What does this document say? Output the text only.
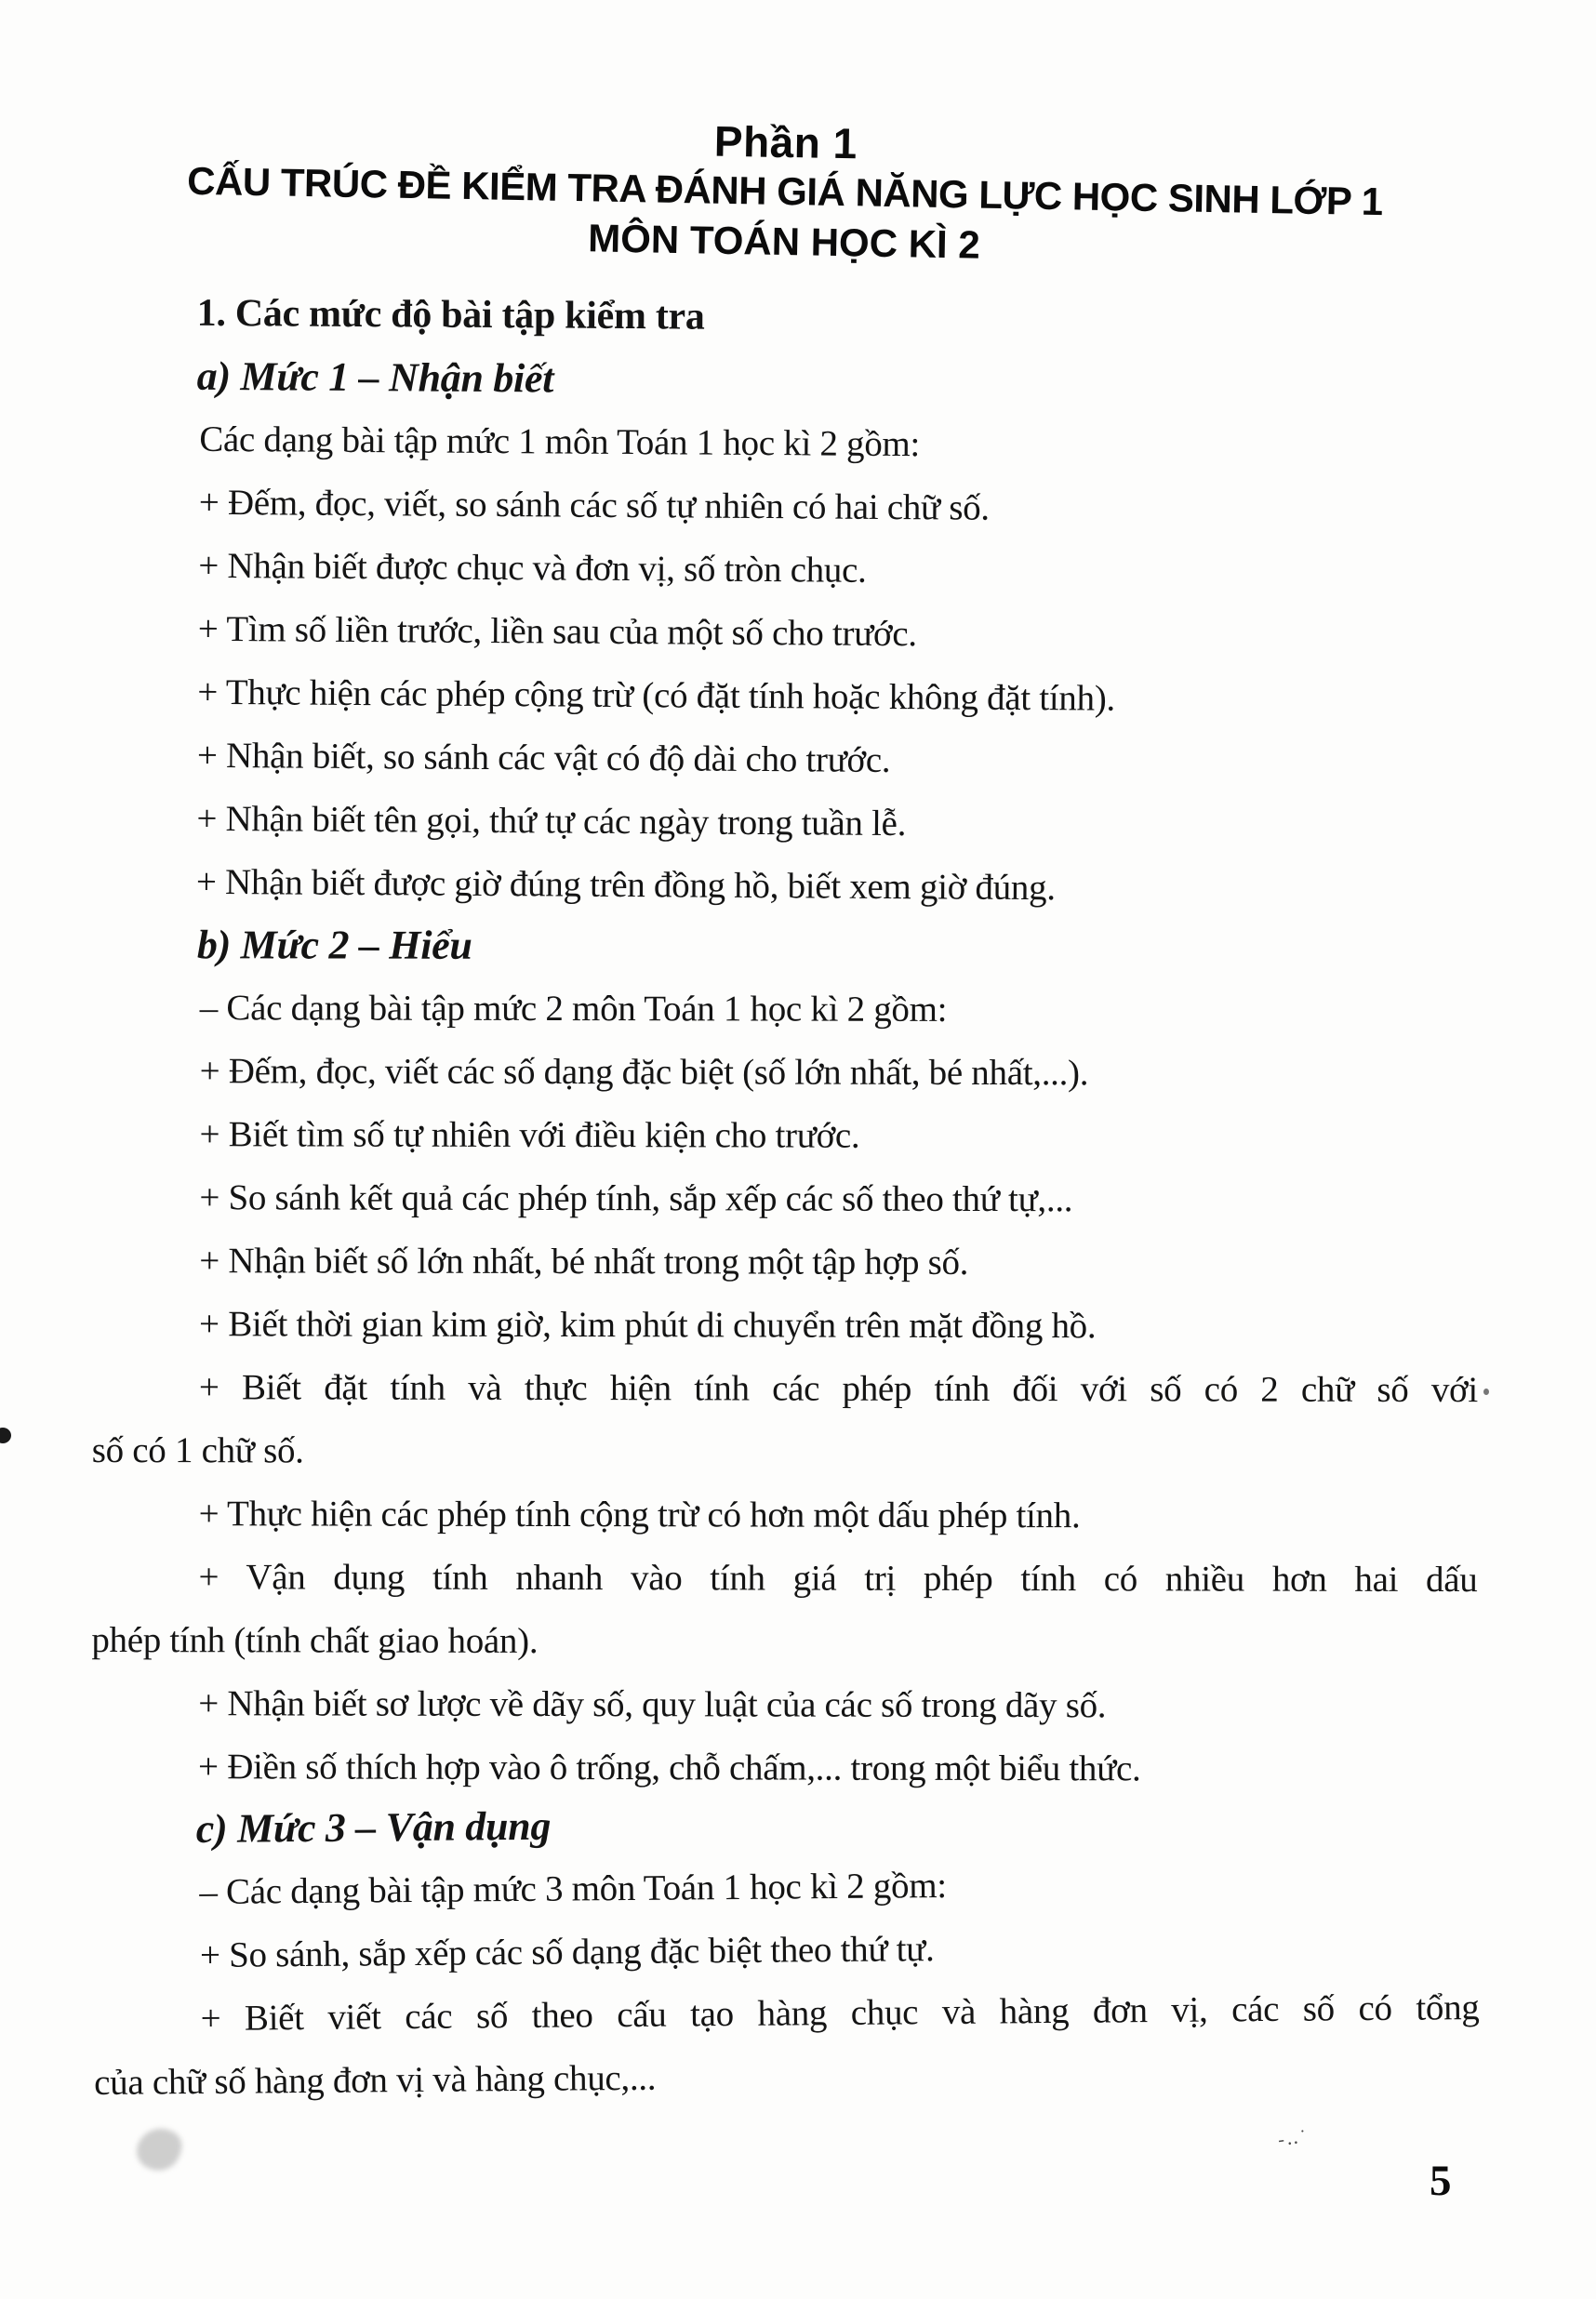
Phần 1
CẤU TRÚC ĐỀ KIỂM TRA ĐÁNH GIÁ NĂNG LỰC HỌC SINH LỚP 1
MÔN TOÁN HỌC KÌ 2
1. Các mức độ bài tập kiểm tra
a) Mức 1 – Nhận biết
Các dạng bài tập mức 1 môn Toán 1 học kì 2 gồm:
+ Đếm, đọc, viết, so sánh các số tự nhiên có hai chữ số.
+ Nhận biết được chục và đơn vị, số tròn chục.
+ Tìm số liền trước, liền sau của một số cho trước.
+ Thực hiện các phép cộng trừ (có đặt tính hoặc không đặt tính).
+ Nhận biết, so sánh các vật có độ dài cho trước.
+ Nhận biết tên gọi, thứ tự các ngày trong tuần lễ.
+ Nhận biết được giờ đúng trên đồng hồ, biết xem giờ đúng.
b) Mức 2 – Hiểu
– Các dạng bài tập mức 2 môn Toán 1 học kì 2 gồm:
+ Đếm, đọc, viết các số dạng đặc biệt (số lớn nhất, bé nhất,...).
+ Biết tìm số tự nhiên với điều kiện cho trước.
+ So sánh kết quả các phép tính, sắp xếp các số theo thứ tự,...
+ Nhận biết số lớn nhất, bé nhất trong một tập hợp số.
+ Biết thời gian kim giờ, kim phút di chuyển trên mặt đồng hồ.
+ Biết đặt tính và thực hiện tính các phép tính đối với số có 2 chữ số với
số có 1 chữ số.
+ Thực hiện các phép tính cộng trừ có hơn một dấu phép tính.
+ Vận dụng tính nhanh vào tính giá trị phép tính có nhiều hơn hai dấu
phép tính (tính chất giao hoán).
+ Nhận biết sơ lược về dãy số, quy luật của các số trong dãy số.
+ Điền số thích hợp vào ô trống, chỗ chấm,... trong một biểu thức.
c) Mức 3 – Vận dụng
– Các dạng bài tập mức 3 môn Toán 1 học kì 2 gồm:
+ So sánh, sắp xếp các số dạng đặc biệt theo thứ tự.
+ Biết viết các số theo cấu tạo hàng chục và hàng đơn vị, các số có tổng
của chữ số hàng đơn vị và hàng chục,...
5
-‥˙
